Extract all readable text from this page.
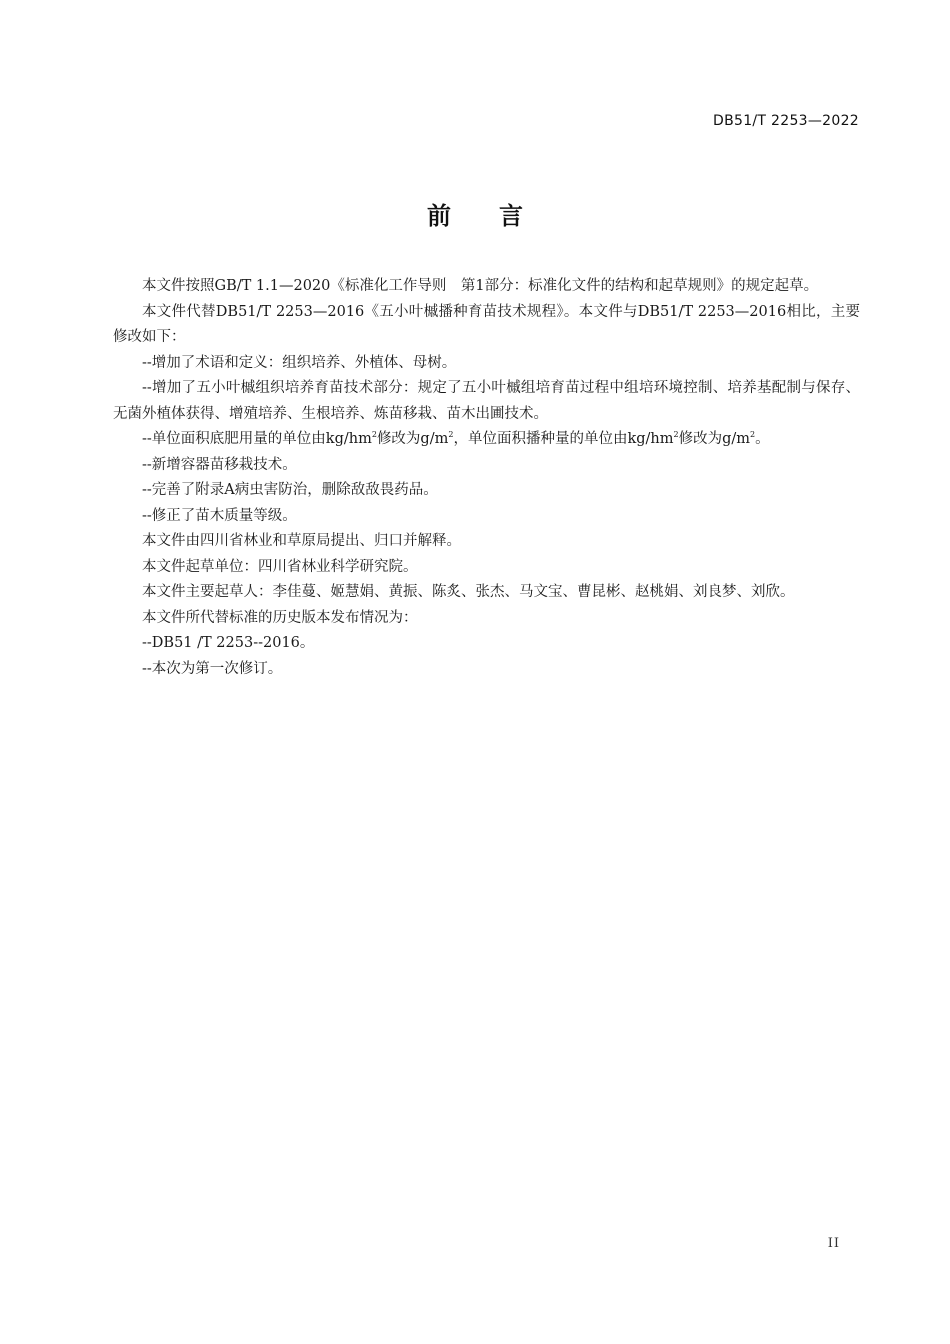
DB51/T 2253—2022
前言

本文件按照GB/T 1.1—2020《标准化工作导则　第1部分：标准化文件的结构和起草规则》的规定起草。

本文件代替DB51/T 2253—2016《五小叶槭播种育苗技术规程》。本文件与DB51/T 2253—2016相比，主要修改如下：

--增加了术语和定义：组织培养、外植体、母树。

--增加了五小叶槭组织培养育苗技术部分：规定了五小叶槭组培育苗过程中组培环境控制、培养基配制与保存、无菌外植体获得、增殖培养、生根培养、炼苗移栽、苗木出圃技术。

--单位面积底肥用量的单位由$kg/hm^2$修改为$g/m^2$，单位面积播种量的单位由$kg/hm^2$修改为$g/m^2$。

--新增容器苗移栽技术。

--完善了附录A病虫害防治，删除敌敌畏药品。

--修正了苗木质量等级。

本文件由四川省林业和草原局提出、归口并解释。

本文件起草单位：四川省林业科学研究院。

本文件主要起草人：李佳蔓、姬慧娟、黄振、陈炙、张杰、马文宝、曹昆彬、赵桃娟、刘良梦、刘欣。

本文件所代替标准的历史版本发布情况为：

--DB51 /T 2253--2016。

--本次为第一次修订。

II
